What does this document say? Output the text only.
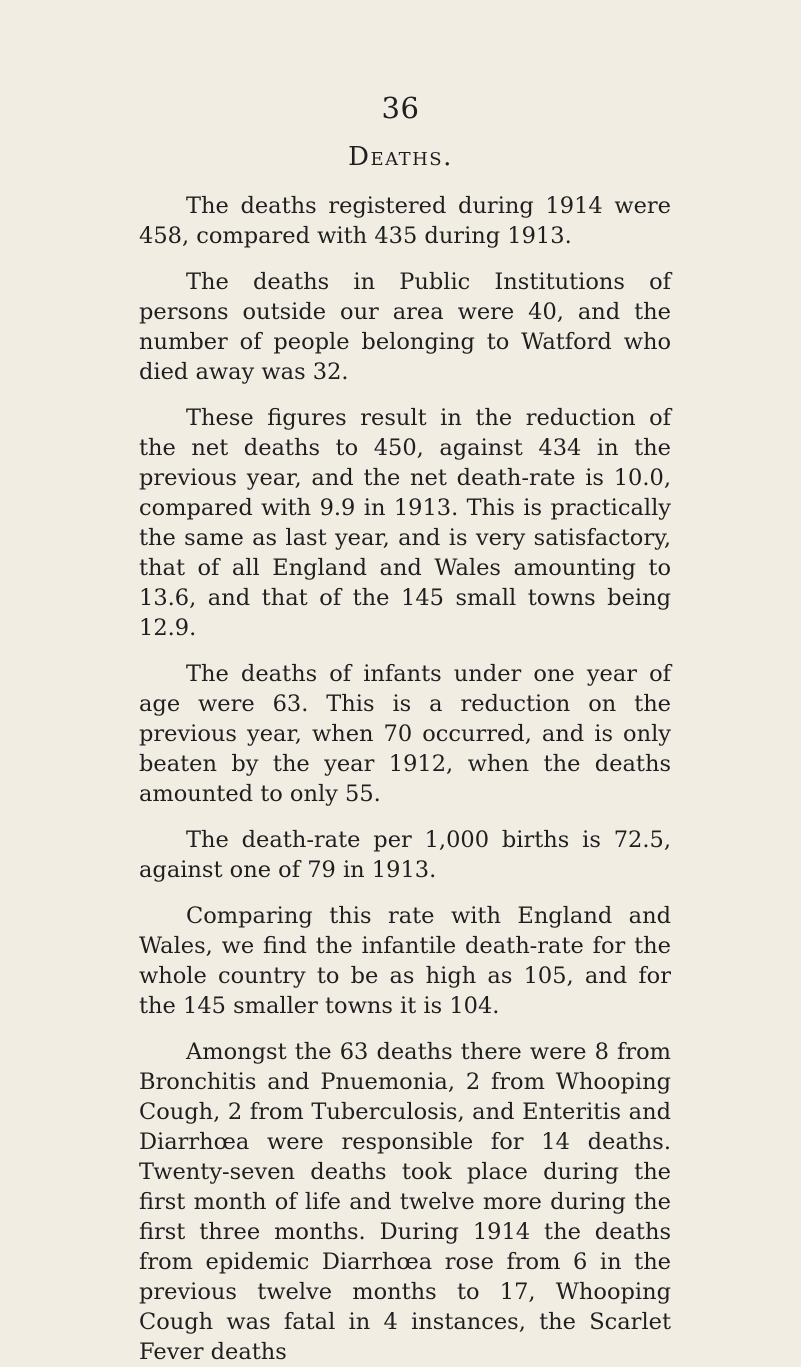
36
Deaths.

The deaths registered during 1914 were 458, compared with 435 during 1913.

The deaths in Public Institutions of persons outside our area were 40, and the number of people belonging to Watford who died away was 32.

These figures result in the reduction of the net deaths to 450, against 434 in the previous year, and the net death-rate is 10.0, compared with 9.9 in 1913. This is practically the same as last year, and is very satisfactory, that of all England and Wales amounting to 13.6, and that of the 145 small towns being 12.9.

The deaths of infants under one year of age were 63. This is a reduction on the previous year, when 70 occurred, and is only beaten by the year 1912, when the deaths amounted to only 55.

The death-rate per 1,000 births is 72.5, against one of 79 in 1913.

Comparing this rate with England and Wales, we find the infantile death-rate for the whole country to be as high as 105, and for the 145 smaller towns it is 104.

Amongst the 63 deaths there were 8 from Bronchitis and Pnuemonia, 2 from Whooping Cough, 2 from Tuberculosis, and Enteritis and Diarrhœa were responsible for 14 deaths. Twenty-seven deaths took place during the first month of life and twelve more during the first three months. During 1914 the deaths from epidemic Diarrhœa rose from 6 in the previous twelve months to 17, Whooping Cough was fatal in 4 instances, the Scarlet Fever deaths
